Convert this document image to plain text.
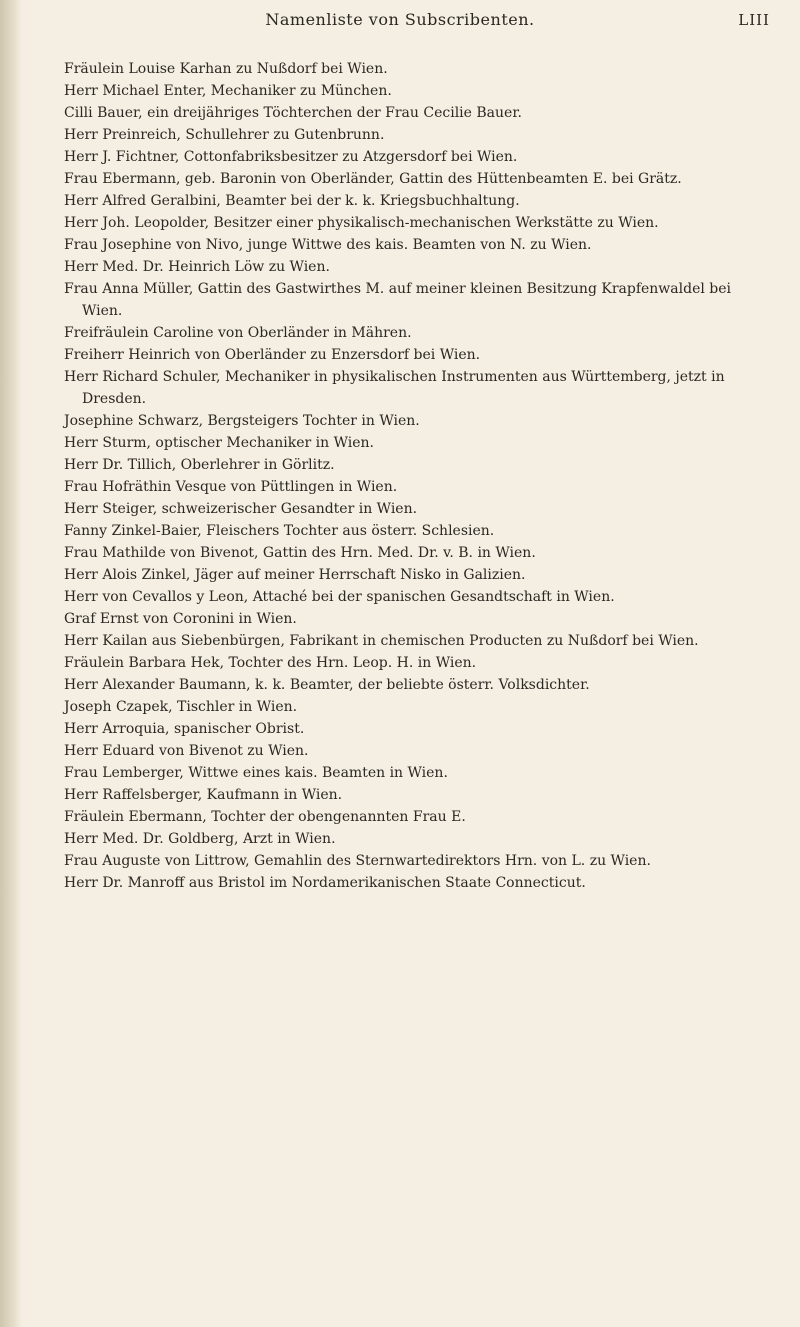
Namenliste von Subscribenten.	LIII
Fräulein Louise Karhan zu Nußdorf bei Wien.
Herr Michael Enter, Mechaniker zu München.
Cilli Bauer, ein dreijähriges Töchterchen der Frau Cecilie Bauer.
Herr Preinreich, Schullehrer zu Gutenbrunn.
Herr J. Fichtner, Cottonfabriksbesitzer zu Atzgersdorf bei Wien.
Frau Ebermann, geb. Baronin von Oberländer, Gattin des Hüttenbeamten E. bei Grätz.
Herr Alfred Geralbini, Beamter bei der k. k. Kriegsbuchhaltung.
Herr Joh. Leopolder, Besitzer einer physikalisch-mechanischen Werkstätte zu Wien.
Frau Josephine von Nivo, junge Wittwe des kais. Beamten von N. zu Wien.
Herr Med. Dr. Heinrich Löw zu Wien.
Frau Anna Müller, Gattin des Gastwirthes M. auf meiner kleinen Besitzung Krapfenwaldel bei Wien.
Freifräulein Caroline von Oberländer in Mähren.
Freiherr Heinrich von Oberländer zu Enzersdorf bei Wien.
Herr Richard Schuler, Mechaniker in physikalischen Instrumenten aus Württemberg, jetzt in Dresden.
Josephine Schwarz, Bergsteigers Tochter in Wien.
Herr Sturm, optischer Mechaniker in Wien.
Herr Dr. Tillich, Oberlehrer in Görlitz.
Frau Hofräthin Vesque von Püttlingen in Wien.
Herr Steiger, schweizerischer Gesandter in Wien.
Fanny Zinkel-Baier, Fleischers Tochter aus österr. Schlesien.
Frau Mathilde von Bivenot, Gattin des Hrn. Med. Dr. v. B. in Wien.
Herr Alois Zinkel, Jäger auf meiner Herrschaft Nisko in Galizien.
Herr von Cevallos y Leon, Attaché bei der spanischen Gesandtschaft in Wien.
Graf Ernst von Coronini in Wien.
Herr Kailan aus Siebenbürgen, Fabrikant in chemischen Producten zu Nußdorf bei Wien.
Fräulein Barbara Hek, Tochter des Hrn. Leop. H. in Wien.
Herr Alexander Baumann, k. k. Beamter, der beliebte österr. Volksdichter.
Joseph Czapek, Tischler in Wien.
Herr Arroquia, spanischer Obrist.
Herr Eduard von Bivenot zu Wien.
Frau Lemberger, Wittwe eines kais. Beamten in Wien.
Herr Raffelsberger, Kaufmann in Wien.
Fräulein Ebermann, Tochter der obengenannten Frau E.
Herr Med. Dr. Goldberg, Arzt in Wien.
Frau Auguste von Littrow, Gemahlin des Sternwartedirektors Hrn. von L. zu Wien.
Herr Dr. Manroff aus Bristol im Nordamerikanischen Staate Connecticut.
